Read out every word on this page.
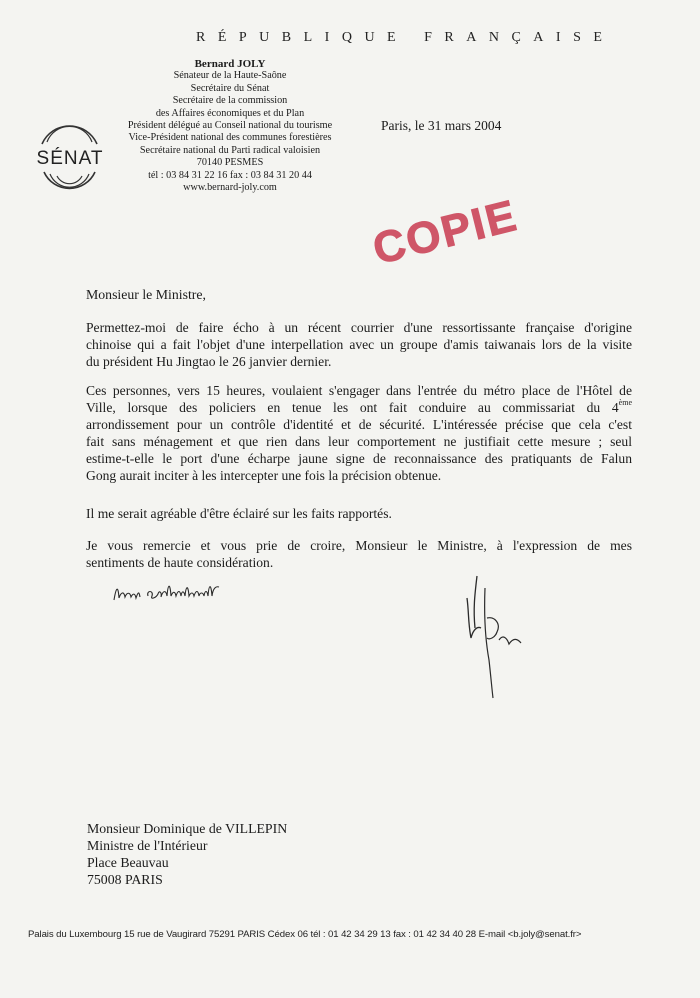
RÉPUBLIQUE FRANÇAISE
Bernard JOLY
Sénateur de la Haute-Saône
Secrétaire du Sénat
Secrétaire de la commission
des Affaires économiques et du Plan
Président délégué au Conseil national du tourisme
Vice-Président national des communes forestières
Secrétaire national du Parti radical valoisien
70140 PESMES
tél : 03 84 31 22 16 fax : 03 84 31 20 44
www.bernard-joly.com
SÉNAT
Paris, le 31 mars 2004
COPIE
Monsieur le Ministre,
Permettez-moi de faire écho à un récent courrier d'une ressortissante française d'origine
chinoise qui a fait l'objet d'une interpellation avec un groupe d'amis taiwanais lors de la visite
du président Hu Jingtao le 26 janvier dernier.
Ces personnes, vers 15 heures, voulaient s'engager dans l'entrée du métro place de l'Hôtel de
Ville, lorsque des policiers en tenue les ont fait conduire au commissariat du 4ème
arrondissement pour un contrôle d'identité et de sécurité. L'intéressée précise que cela c'est
fait sans ménagement et que rien dans leur comportement ne justifiait cette mesure ; seul
estime-t-elle le port d'une écharpe jaune signe de reconnaissance des pratiquants de Falun
Gong aurait inciter à les intercepter une fois la précision obtenue.
Il me serait agréable d'être éclairé sur les faits rapportés.
Je vous remercie et vous prie de croire, Monsieur le Ministre, à l'expression de mes
sentiments de haute considération.
Monsieur Dominique de VILLEPIN
Ministre de l'Intérieur
Place Beauvau
75008 PARIS
Palais du Luxembourg 15 rue de Vaugirard 75291 PARIS Cédex 06 tél : 01 42 34 29 13 fax : 01 42 34 40 28 E-mail <b.joly@senat.fr>
